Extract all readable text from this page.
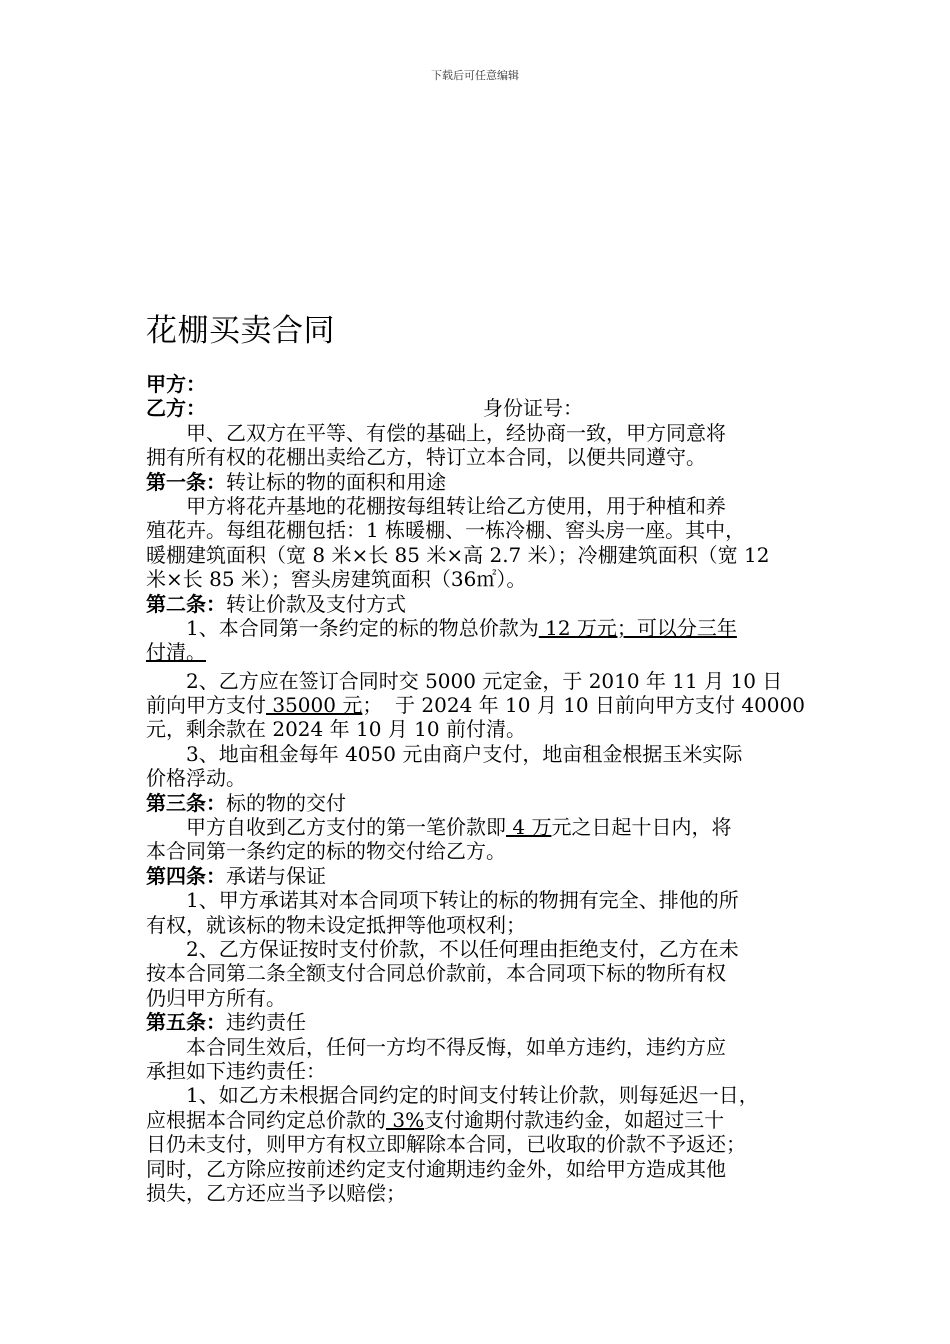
下载后可任意编辑
花棚买卖合同
甲方：
乙方：	身份证号：
　　甲、乙双方在平等、有偿的基础上，经协商一致，甲方同意将
拥有所有权的花棚出卖给乙方，特订立本合同，以便共同遵守。
第一条：转让标的物的面积和用途
　　甲方将花卉基地的花棚按每组转让给乙方使用，用于种植和养
殖花卉。每组花棚包括：1 栋暖棚、一栋冷棚、窖头房一座。其中，
暖棚建筑面积（宽 8 米×长 85 米×高 2.7 米）；冷棚建筑面积（宽 12
米×长 85 米）；窖头房建筑面积（36㎡）。
第二条：转让价款及支付方式
　　1、本合同第一条约定的标的物总价款为 12 万元；可以分三年
付清。
　　2、乙方应在签订合同时交 5000 元定金，于 2010 年 11 月 10 日
前向甲方支付 35000 元；  于 2024 年 10 月 10 日前向甲方支付 40000
元，剩余款在 2024 年 10 月 10 前付清。
　　3、地亩租金每年 4050 元由商户支付，地亩租金根据玉米实际
价格浮动。
第三条：标的物的交付
　　甲方自收到乙方支付的第一笔价款即 4 万元之日起十日内，将
本合同第一条约定的标的物交付给乙方。
第四条：承诺与保证
　　1、甲方承诺其对本合同项下转让的标的物拥有完全、排他的所
有权，就该标的物未设定抵押等他项权利；
　　2、乙方保证按时支付价款，不以任何理由拒绝支付，乙方在未
按本合同第二条全额支付合同总价款前，本合同项下标的物所有权
仍归甲方所有。
第五条：违约责任
　　本合同生效后，任何一方均不得反悔，如单方违约，违约方应
承担如下违约责任：
　　1、如乙方未根据合同约定的时间支付转让价款，则每延迟一日，
应根据本合同约定总价款的 3%支付逾期付款违约金，如超过三十
日仍未支付，则甲方有权立即解除本合同，已收取的价款不予返还；
同时，乙方除应按前述约定支付逾期违约金外，如给甲方造成其他
损失，乙方还应当予以赔偿；
